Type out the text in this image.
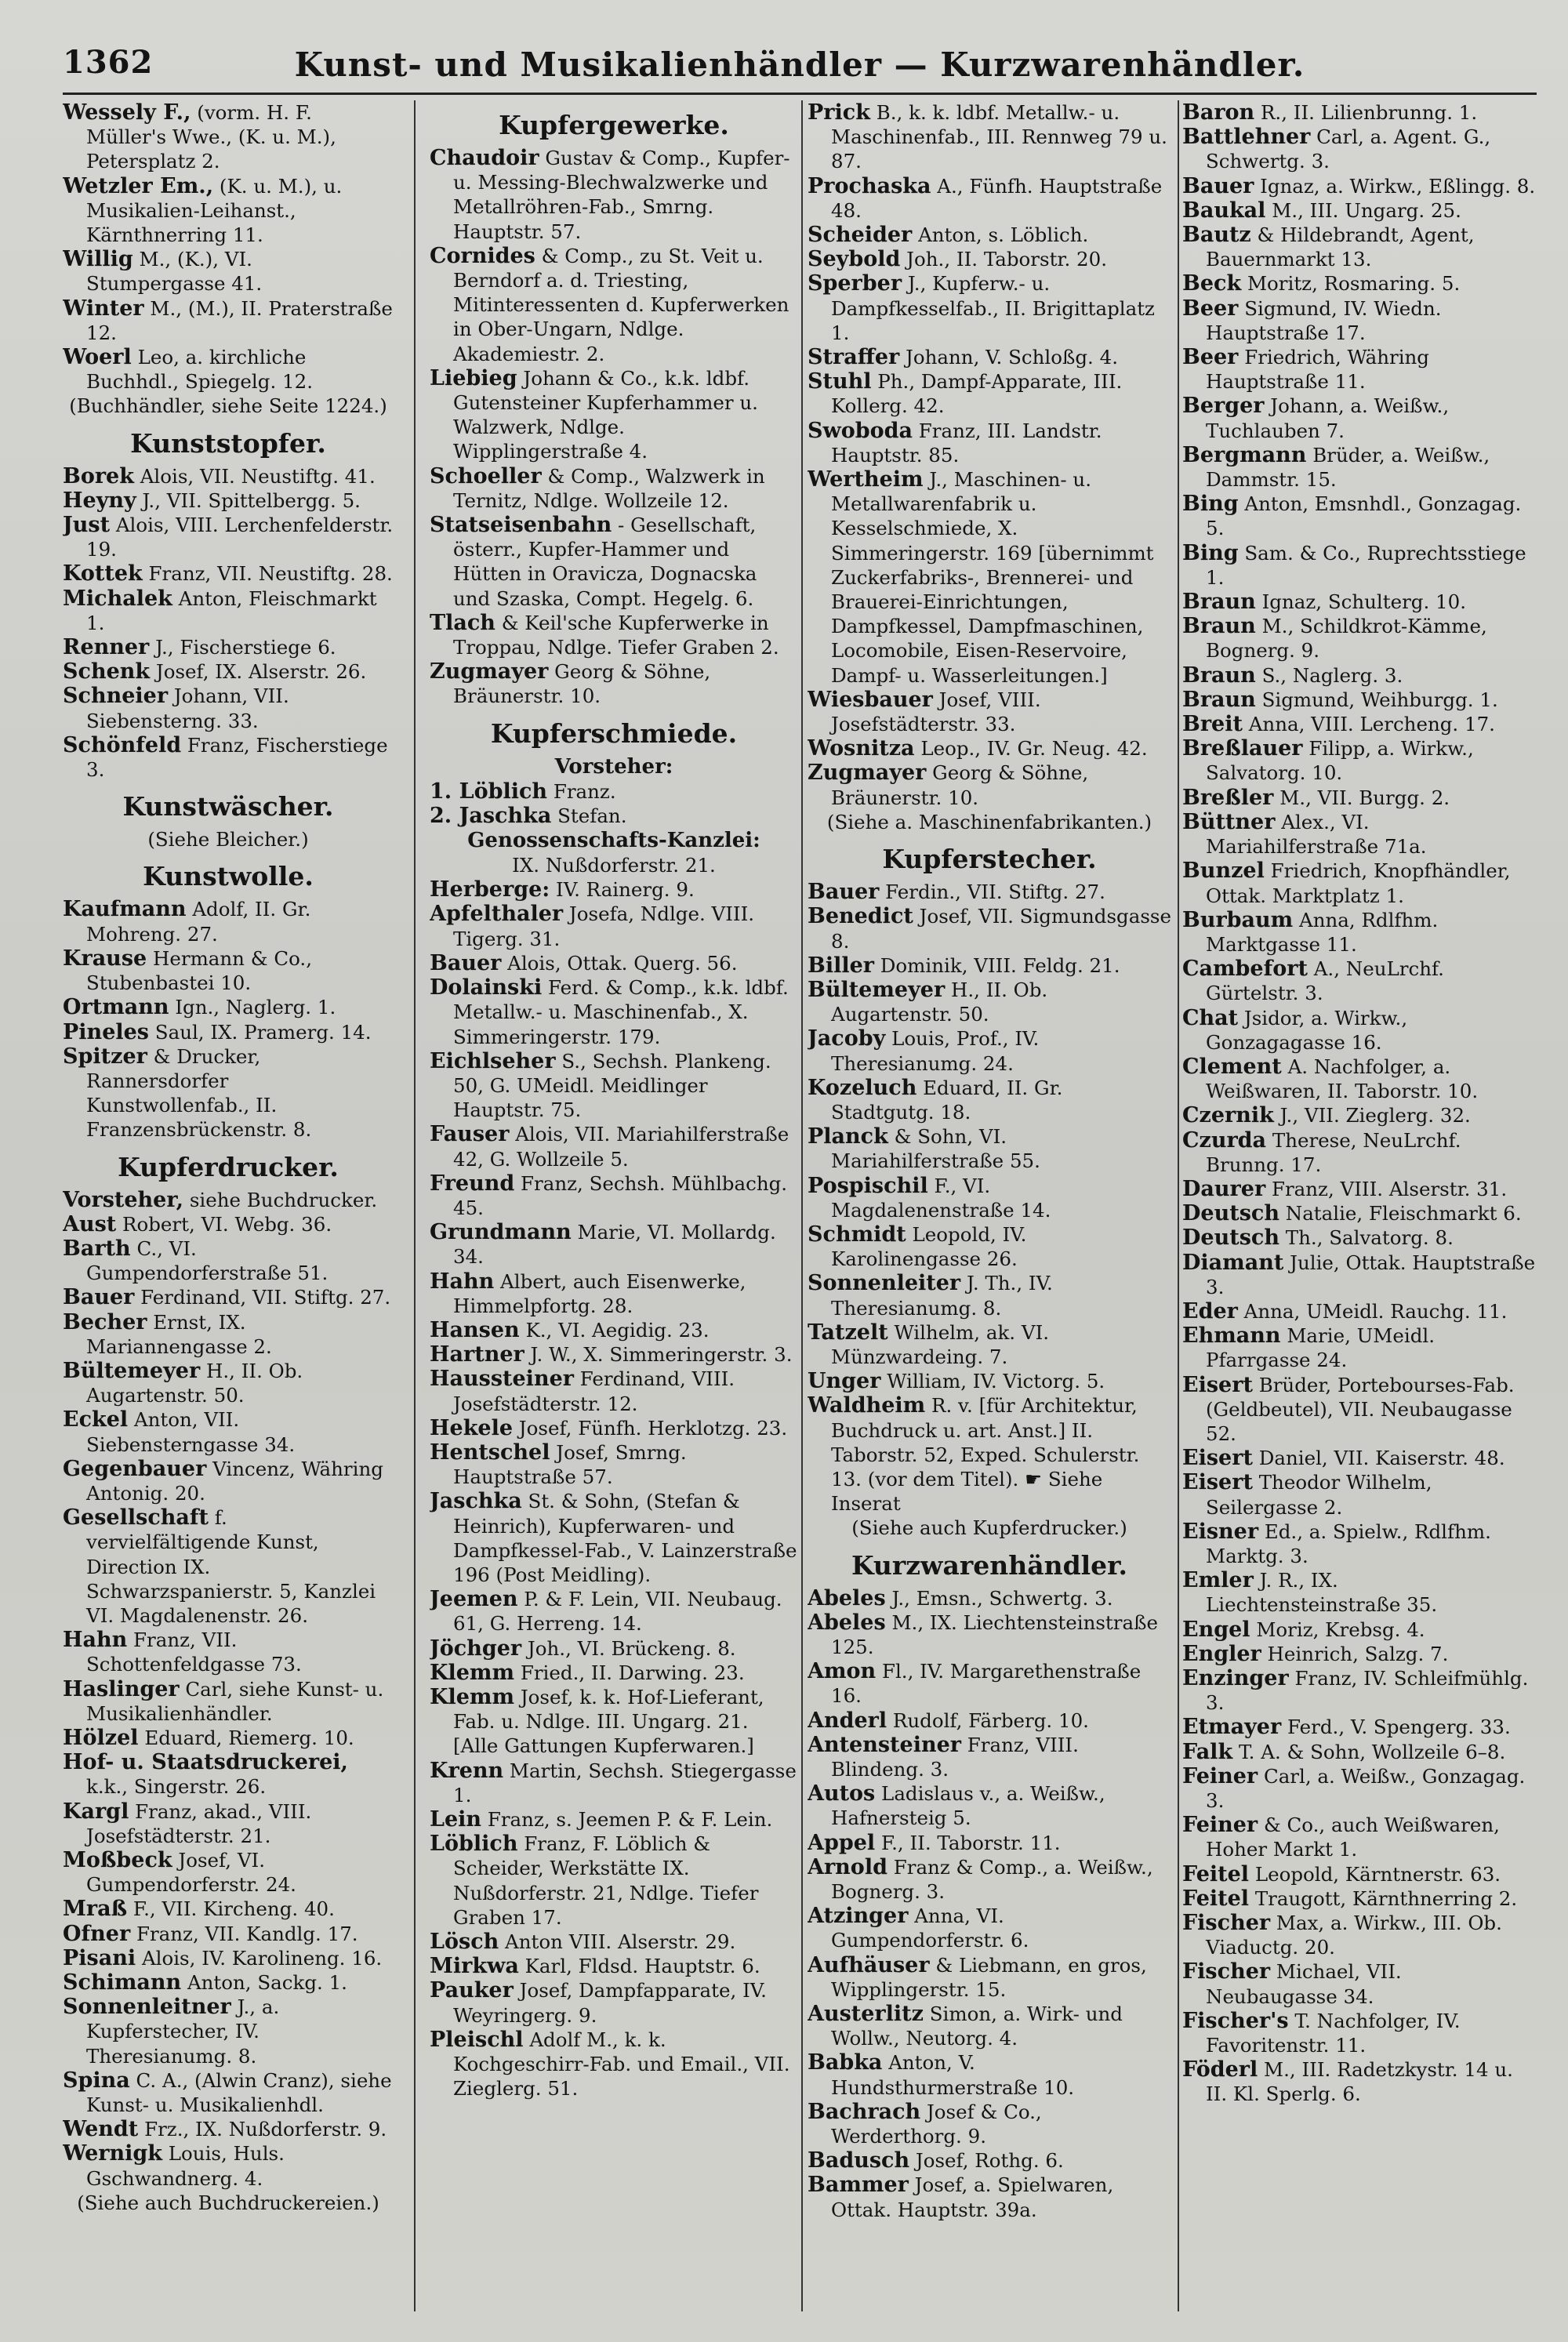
1362	Kunst- und Musikalienhändler — Kurzwarenhändler.
Wessely F., (vorm. H. F. Müller's Wwe., (K. u. M.), Petersplatz 2.
Wetzler Em., (K. u. M.), u. Musikalien-Leihanst., Kärnthnerring 11.
Willig M., (K.), VI. Stumpergasse 41.
Winter M., (M.), II. Praterstraße 12.
Woerl Leo, a. kirchliche Buchhdl., Spiegelg. 12.
(Buchhändler, siehe Seite 1224.)
Kunststopfer.
Borek Alois, VII. Neustiftg. 41.
Heyny J., VII. Spittelbergg. 5.
Just Alois, VIII. Lerchenfelderstr. 19.
Kottek Franz, VII. Neustiftg. 28.
Michalek Anton, Fleischmarkt 1.
Renner J., Fischerstiege 6.
Schenk Josef, IX. Alserstr. 26.
Schneier Johann, VII. Siebensterng. 33.
Schönfeld Franz, Fischerstiege 3.
Kunstwäscher.
(Siehe Bleicher.)
Kunstwolle.
Kaufmann Adolf, II. Gr. Mohreng. 27.
Krause Hermann & Co., Stubenbastei 10.
Ortmann Ign., Naglerg. 1.
Pineles Saul, IX. Pramerg. 14.
Spitzer & Drucker, Rannersdorfer Kunstwollenfab., II. Franzensbrückenstr. 8.
Kupferdrucker.
Vorsteher, siehe Buchdrucker.
Aust Robert, VI. Webg. 36.
Barth C., VI. Gumpendorferstraße 51.
Bauer Ferdinand, VII. Stiftg. 27.
Becher Ernst, IX. Mariannengasse 2.
Bültemeyer H., II. Ob. Augartenstr. 50.
Eckel Anton, VII. Siebensterngasse 34.
Gegenbauer Vincenz, Währing Antonig. 20.
Gesellschaft f. vervielfältigende Kunst, Direction IX. Schwarzspanierstr. 5, Kanzlei VI. Magdalenenstr. 26.
Hahn Franz, VII. Schottenfeldgasse 73.
Haslinger Carl, siehe Kunst- u. Musikalienhändler.
Hölzel Eduard, Riemerg. 10.
Hof- u. Staatsdruckerei, k.k., Singerstr. 26.
Kargl Franz, akad., VIII. Josefstädterstr. 21.
Moßbeck Josef, VI. Gumpendorferstr. 24.
Mraß F., VII. Kircheng. 40.
Ofner Franz, VII. Kandlg. 17.
Pisani Alois, IV. Karolineng. 16.
Schimann Anton, Sackg. 1.
Sonnenleitner J., a. Kupferstecher, IV. Theresianumg. 8.
Spina C. A., (Alwin Cranz), siehe Kunst- u. Musikalienhdl.
Wendt Frz., IX. Nußdorferstr. 9.
Wernigk Louis, Huls. Gschwandnerg. 4.
(Siehe auch Buchdruckereien.)
Kupfergewerke.
Chaudoir Gustav & Comp., Kupfer- u. Messing-Blechwalzwerke und Metallröhren-Fab., Smrng. Hauptstr. 57.
Cornides & Comp., zu St. Veit u. Berndorf a. d. Triesting, Mitinteressenten d. Kupferwerken in Ober-Ungarn, Ndlge. Akademiestr. 2.
Liebieg Johann & Co., k.k. ldbf. Gutensteiner Kupferhammer u. Walzwerk, Ndlge. Wipplingerstraße 4.
Schoeller & Comp., Walzwerk in Ternitz, Ndlge. Wollzeile 12.
Statseisenbahn - Gesellschaft, österr., Kupfer-Hammer und Hütten in Oravicza, Dognacska und Szaska, Compt. Hegelg. 6.
Tlach & Keil'sche Kupferwerke in Troppau, Ndlge. Tiefer Graben 2.
Zugmayer Georg & Söhne, Bräunerstr. 10.
Kupferschmiede.
Vorsteher:
1. Löblich Franz.
2. Jaschka Stefan.
Genossenschafts-Kanzlei:
IX. Nußdorferstr. 21.
Herberge: IV. Rainerg. 9.
Apfelthaler Josefa, Ndlge. VIII. Tigerg. 31.
Bauer Alois, Ottak. Querg. 56.
Dolainski Ferd. & Comp., k.k. ldbf. Metallw.- u. Maschinenfab., X. Simmeringerstr. 179.
Eichlseher S., Sechsh. Plankeng. 50, G. UMeidl. Meidlinger Hauptstr. 75.
Fauser Alois, VII. Mariahilferstraße 42, G. Wollzeile 5.
Freund Franz, Sechsh. Mühlbachg. 45.
Grundmann Marie, VI. Mollardg. 34.
Hahn Albert, auch Eisenwerke, Himmelpfortg. 28.
Hansen K., VI. Aegidig. 23.
Hartner J. W., X. Simmeringerstr. 3.
Haussteiner Ferdinand, VIII. Josefstädterstr. 12.
Hekele Josef, Fünfh. Herklotzg. 23.
Hentschel Josef, Smrng. Hauptstraße 57.
Jaschka St. & Sohn, (Stefan & Heinrich), Kupferwaren- und Dampfkessel-Fab., V. Lainzerstraße 196 (Post Meidling).
Jeemen P. & F. Lein, VII. Neubaug. 61, G. Herreng. 14.
Jöchger Joh., VI. Brückeng. 8.
Klemm Fried., II. Darwing. 23.
Klemm Josef, k. k. Hof-Lieferant, Fab. u. Ndlge. III. Ungarg. 21. [Alle Gattungen Kupferwaren.]
Krenn Martin, Sechsh. Stiegergasse 1.
Lein Franz, s. Jeemen P. & F. Lein.
Löblich Franz, F. Löblich & Scheider, Werkstätte IX. Nußdorferstr. 21, Ndlge. Tiefer Graben 17.
Lösch Anton VIII. Alserstr. 29.
Mirkwa Karl, Fldsd. Hauptstr. 6.
Pauker Josef, Dampfapparate, IV. Weyringerg. 9.
Pleischl Adolf M., k. k. Kochgeschirr-Fab. und Email., VII. Zieglerg. 51.
Prick B., k. k. ldbf. Metallw.- u. Maschinenfab., III. Rennweg 79 u. 87.
Prochaska A., Fünfh. Hauptstraße 48.
Scheider Anton, s. Löblich.
Seybold Joh., II. Taborstr. 20.
Sperber J., Kupferw.- u. Dampfkesselfab., II. Brigittaplatz 1.
Straffer Johann, V. Schloßg. 4.
Stuhl Ph., Dampf-Apparate, III. Kollerg. 42.
Swoboda Franz, III. Landstr. Hauptstr. 85.
Wertheim J., Maschinen- u. Metallwarenfabrik u. Kesselschmiede, X. Simmeringerstr. 169 [übernimmt Zuckerfabriks-, Brennerei- und Brauerei-Einrichtungen, Dampfkessel, Dampfmaschinen, Locomobile, Eisen-Reservoire, Dampf- u. Wasserleitungen.]
Wiesbauer Josef, VIII. Josefstädterstr. 33.
Wosnitza Leop., IV. Gr. Neug. 42.
Zugmayer Georg & Söhne, Bräunerstr. 10.
(Siehe a. Maschinenfabrikanten.)
Kupferstecher.
Bauer Ferdin., VII. Stiftg. 27.
Benedict Josef, VII. Sigmundsgasse 8.
Biller Dominik, VIII. Feldg. 21.
Bültemeyer H., II. Ob. Augartenstr. 50.
Jacoby Louis, Prof., IV. Theresianumg. 24.
Kozeluch Eduard, II. Gr. Stadtgutg. 18.
Planck & Sohn, VI. Mariahilferstraße 55.
Pospischil F., VI. Magdalenenstraße 14.
Schmidt Leopold, IV. Karolinengasse 26.
Sonnenleiter J. Th., IV. Theresianumg. 8.
Tatzelt Wilhelm, ak. VI. Münzwardeing. 7.
Unger William, IV. Victorg. 5.
Waldheim R. v. [für Architektur, Buchdruck u. art. Anst.] II. Taborstr. 52, Exped. Schulerstr. 13. (vor dem Titel). ☛ Siehe Inserat
(Siehe auch Kupferdrucker.)
Kurzwarenhändler.
Abeles J., Emsn., Schwertg. 3.
Abeles M., IX. Liechtensteinstraße 125.
Amon Fl., IV. Margarethenstraße 16.
Anderl Rudolf, Färberg. 10.
Antensteiner Franz, VIII. Blindeng. 3.
Autos Ladislaus v., a. Weißw., Hafnersteig 5.
Appel F., II. Taborstr. 11.
Arnold Franz & Comp., a. Weißw., Bognerg. 3.
Atzinger Anna, VI. Gumpendorferstr. 6.
Aufhäuser & Liebmann, en gros, Wipplingerstr. 15.
Austerlitz Simon, a. Wirk- und Wollw., Neutorg. 4.
Babka Anton, V. Hundsthurmerstraße 10.
Bachrach Josef & Co., Werderthorg. 9.
Badusch Josef, Rothg. 6.
Bammer Josef, a. Spielwaren, Ottak. Hauptstr. 39a.
Baron R., II. Lilienbrunng. 1.
Battlehner Carl, a. Agent. G., Schwertg. 3.
Bauer Ignaz, a. Wirkw., Eßlingg. 8.
Baukal M., III. Ungarg. 25.
Bautz & Hildebrandt, Agent, Bauernmarkt 13.
Beck Moritz, Rosmaring. 5.
Beer Sigmund, IV. Wiedn. Hauptstraße 17.
Beer Friedrich, Währing Hauptstraße 11.
Berger Johann, a. Weißw., Tuchlauben 7.
Bergmann Brüder, a. Weißw., Dammstr. 15.
Bing Anton, Emsnhdl., Gonzagag. 5.
Bing Sam. & Co., Ruprechtsstiege 1.
Braun Ignaz, Schulterg. 10.
Braun M., Schildkrot-Kämme, Bognerg. 9.
Braun S., Naglerg. 3.
Braun Sigmund, Weihburgg. 1.
Breit Anna, VIII. Lercheng. 17.
Breßlauer Filipp, a. Wirkw., Salvatorg. 10.
Breßler M., VII. Burgg. 2.
Büttner Alex., VI. Mariahilferstraße 71a.
Bunzel Friedrich, Knopfhändler, Ottak. Marktplatz 1.
Burbaum Anna, Rdlfhm. Marktgasse 11.
Cambefort A., NeuLrchf. Gürtelstr. 3.
Chat Jsidor, a. Wirkw., Gonzagagasse 16.
Clement A. Nachfolger, a. Weißwaren, II. Taborstr. 10.
Czernik J., VII. Zieglerg. 32.
Czurda Therese, NeuLrchf. Brunng. 17.
Daurer Franz, VIII. Alserstr. 31.
Deutsch Natalie, Fleischmarkt 6.
Deutsch Th., Salvatorg. 8.
Diamant Julie, Ottak. Hauptstraße 3.
Eder Anna, UMeidl. Rauchg. 11.
Ehmann Marie, UMeidl. Pfarrgasse 24.
Eisert Brüder, Portebourses-Fab. (Geldbeutel), VII. Neubaugasse 52.
Eisert Daniel, VII. Kaiserstr. 48.
Eisert Theodor Wilhelm, Seilergasse 2.
Eisner Ed., a. Spielw., Rdlfhm. Marktg. 3.
Emler J. R., IX. Liechtensteinstraße 35.
Engel Moriz, Krebsg. 4.
Engler Heinrich, Salzg. 7.
Enzinger Franz, IV. Schleifmühlg. 3.
Etmayer Ferd., V. Spengerg. 33.
Falk T. A. & Sohn, Wollzeile 6–8.
Feiner Carl, a. Weißw., Gonzagag. 3.
Feiner & Co., auch Weißwaren, Hoher Markt 1.
Feitel Leopold, Kärntnerstr. 63.
Feitel Traugott, Kärnthnerring 2.
Fischer Max, a. Wirkw., III. Ob. Viaductg. 20.
Fischer Michael, VII. Neubaugasse 34.
Fischer's T. Nachfolger, IV. Favoritenstr. 11.
Föderl M., III. Radetzkystr. 14 u. II. Kl. Sperlg. 6.
